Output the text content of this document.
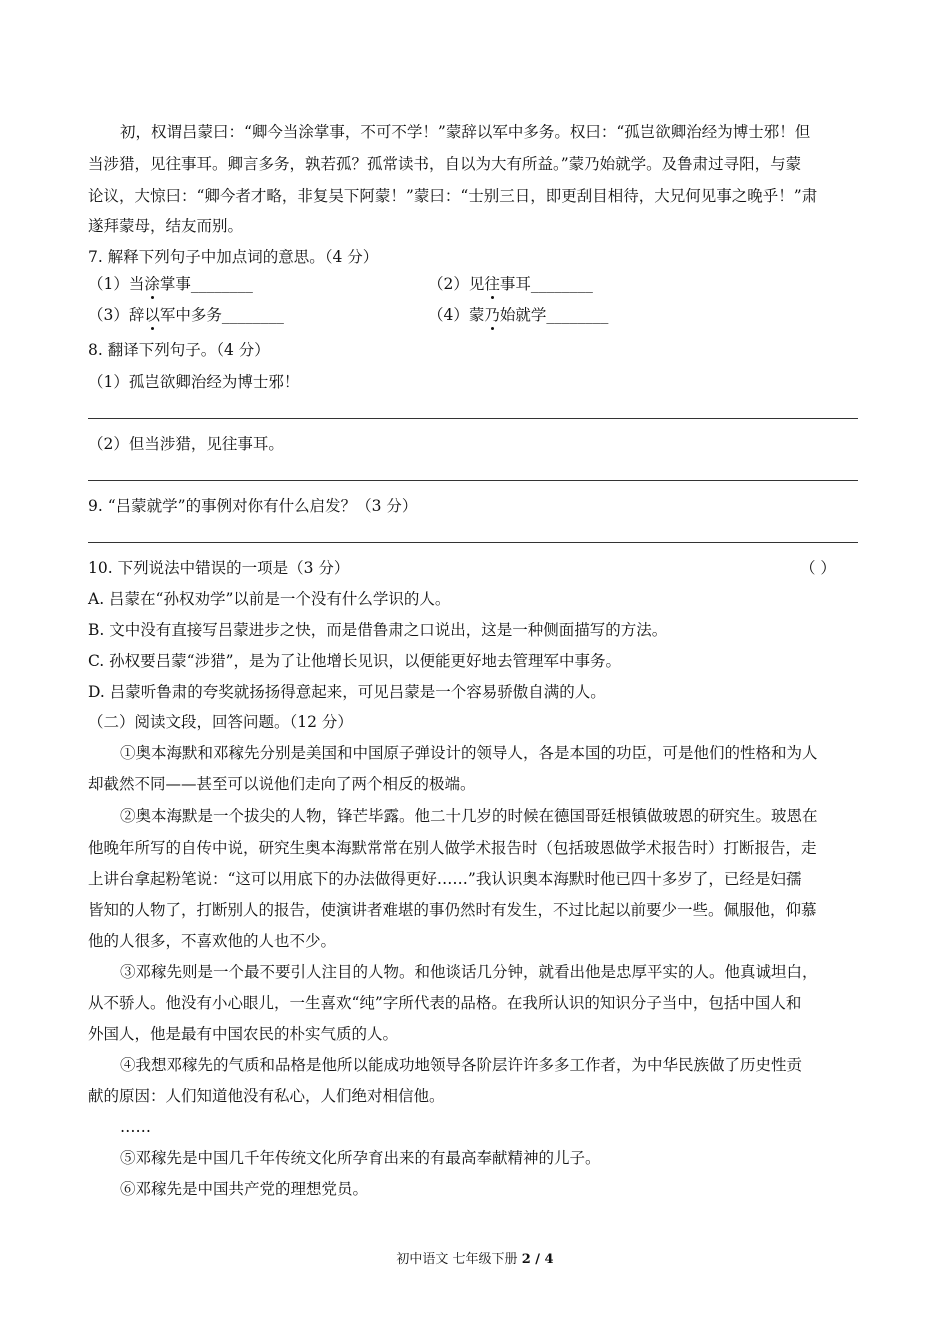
初，权谓吕蒙曰：“卿今当涂掌事，不可不学！”蒙辞以军中多务。权曰：“孤岂欲卿治经为博士邪！但
当涉猎，见往事耳。卿言多务，孰若孤？孤常读书，自以为大有所益。”蒙乃始就学。及鲁肃过寻阳，与蒙
论议，大惊曰：“卿今者才略，非复吴下阿蒙！”蒙曰：“士别三日，即更刮目相待，大兄何见事之晚乎！”肃
遂拜蒙母，结友而别。
7. 解释下列句子中加点词的意思。（4 分）
（1）当涂掌事________	（2）见往事耳________
（3）辞以军中多务________	（4）蒙乃始就学________
8. 翻译下列句子。（4 分）
（1）孤岂欲卿治经为博士邪！
（2）但当涉猎，见往事耳。
9. “吕蒙就学”的事例对你有什么启发？（3 分）
10. 下列说法中错误的一项是（3 分）	（ ）
A. 吕蒙在“孙权劝学”以前是一个没有什么学识的人。
B. 文中没有直接写吕蒙进步之快，而是借鲁肃之口说出，这是一种侧面描写的方法。
C. 孙权要吕蒙“涉猎”，是为了让他增长见识，以便能更好地去管理军中事务。
D. 吕蒙听鲁肃的夸奖就扬扬得意起来，可见吕蒙是一个容易骄傲自满的人。
（二）阅读文段，回答问题。（12 分）
①奥本海默和邓稼先分别是美国和中国原子弹设计的领导人，各是本国的功臣，可是他们的性格和为人
却截然不同——甚至可以说他们走向了两个相反的极端。
②奥本海默是一个拔尖的人物，锋芒毕露。他二十几岁的时候在德国哥廷根镇做玻恩的研究生。玻恩在
他晚年所写的自传中说，研究生奥本海默常常在别人做学术报告时（包括玻恩做学术报告时）打断报告，走
上讲台拿起粉笔说：“这可以用底下的办法做得更好……”我认识奥本海默时他已四十多岁了，已经是妇孺
皆知的人物了，打断别人的报告，使演讲者难堪的事仍然时有发生，不过比起以前要少一些。佩服他，仰慕
他的人很多，不喜欢他的人也不少。
③邓稼先则是一个最不要引人注目的人物。和他谈话几分钟，就看出他是忠厚平实的人。他真诚坦白，
从不骄人。他没有小心眼儿，一生喜欢“纯”字所代表的品格。在我所认识的知识分子当中，包括中国人和
外国人，他是最有中国农民的朴实气质的人。
④我想邓稼先的气质和品格是他所以能成功地领导各阶层许许多多工作者，为中华民族做了历史性贡
献的原因：人们知道他没有私心，人们绝对相信他。
……
⑤邓稼先是中国几千年传统文化所孕育出来的有最高奉献精神的儿子。
⑥邓稼先是中国共产党的理想党员。
初中语文 七年级下册 2 / 4
